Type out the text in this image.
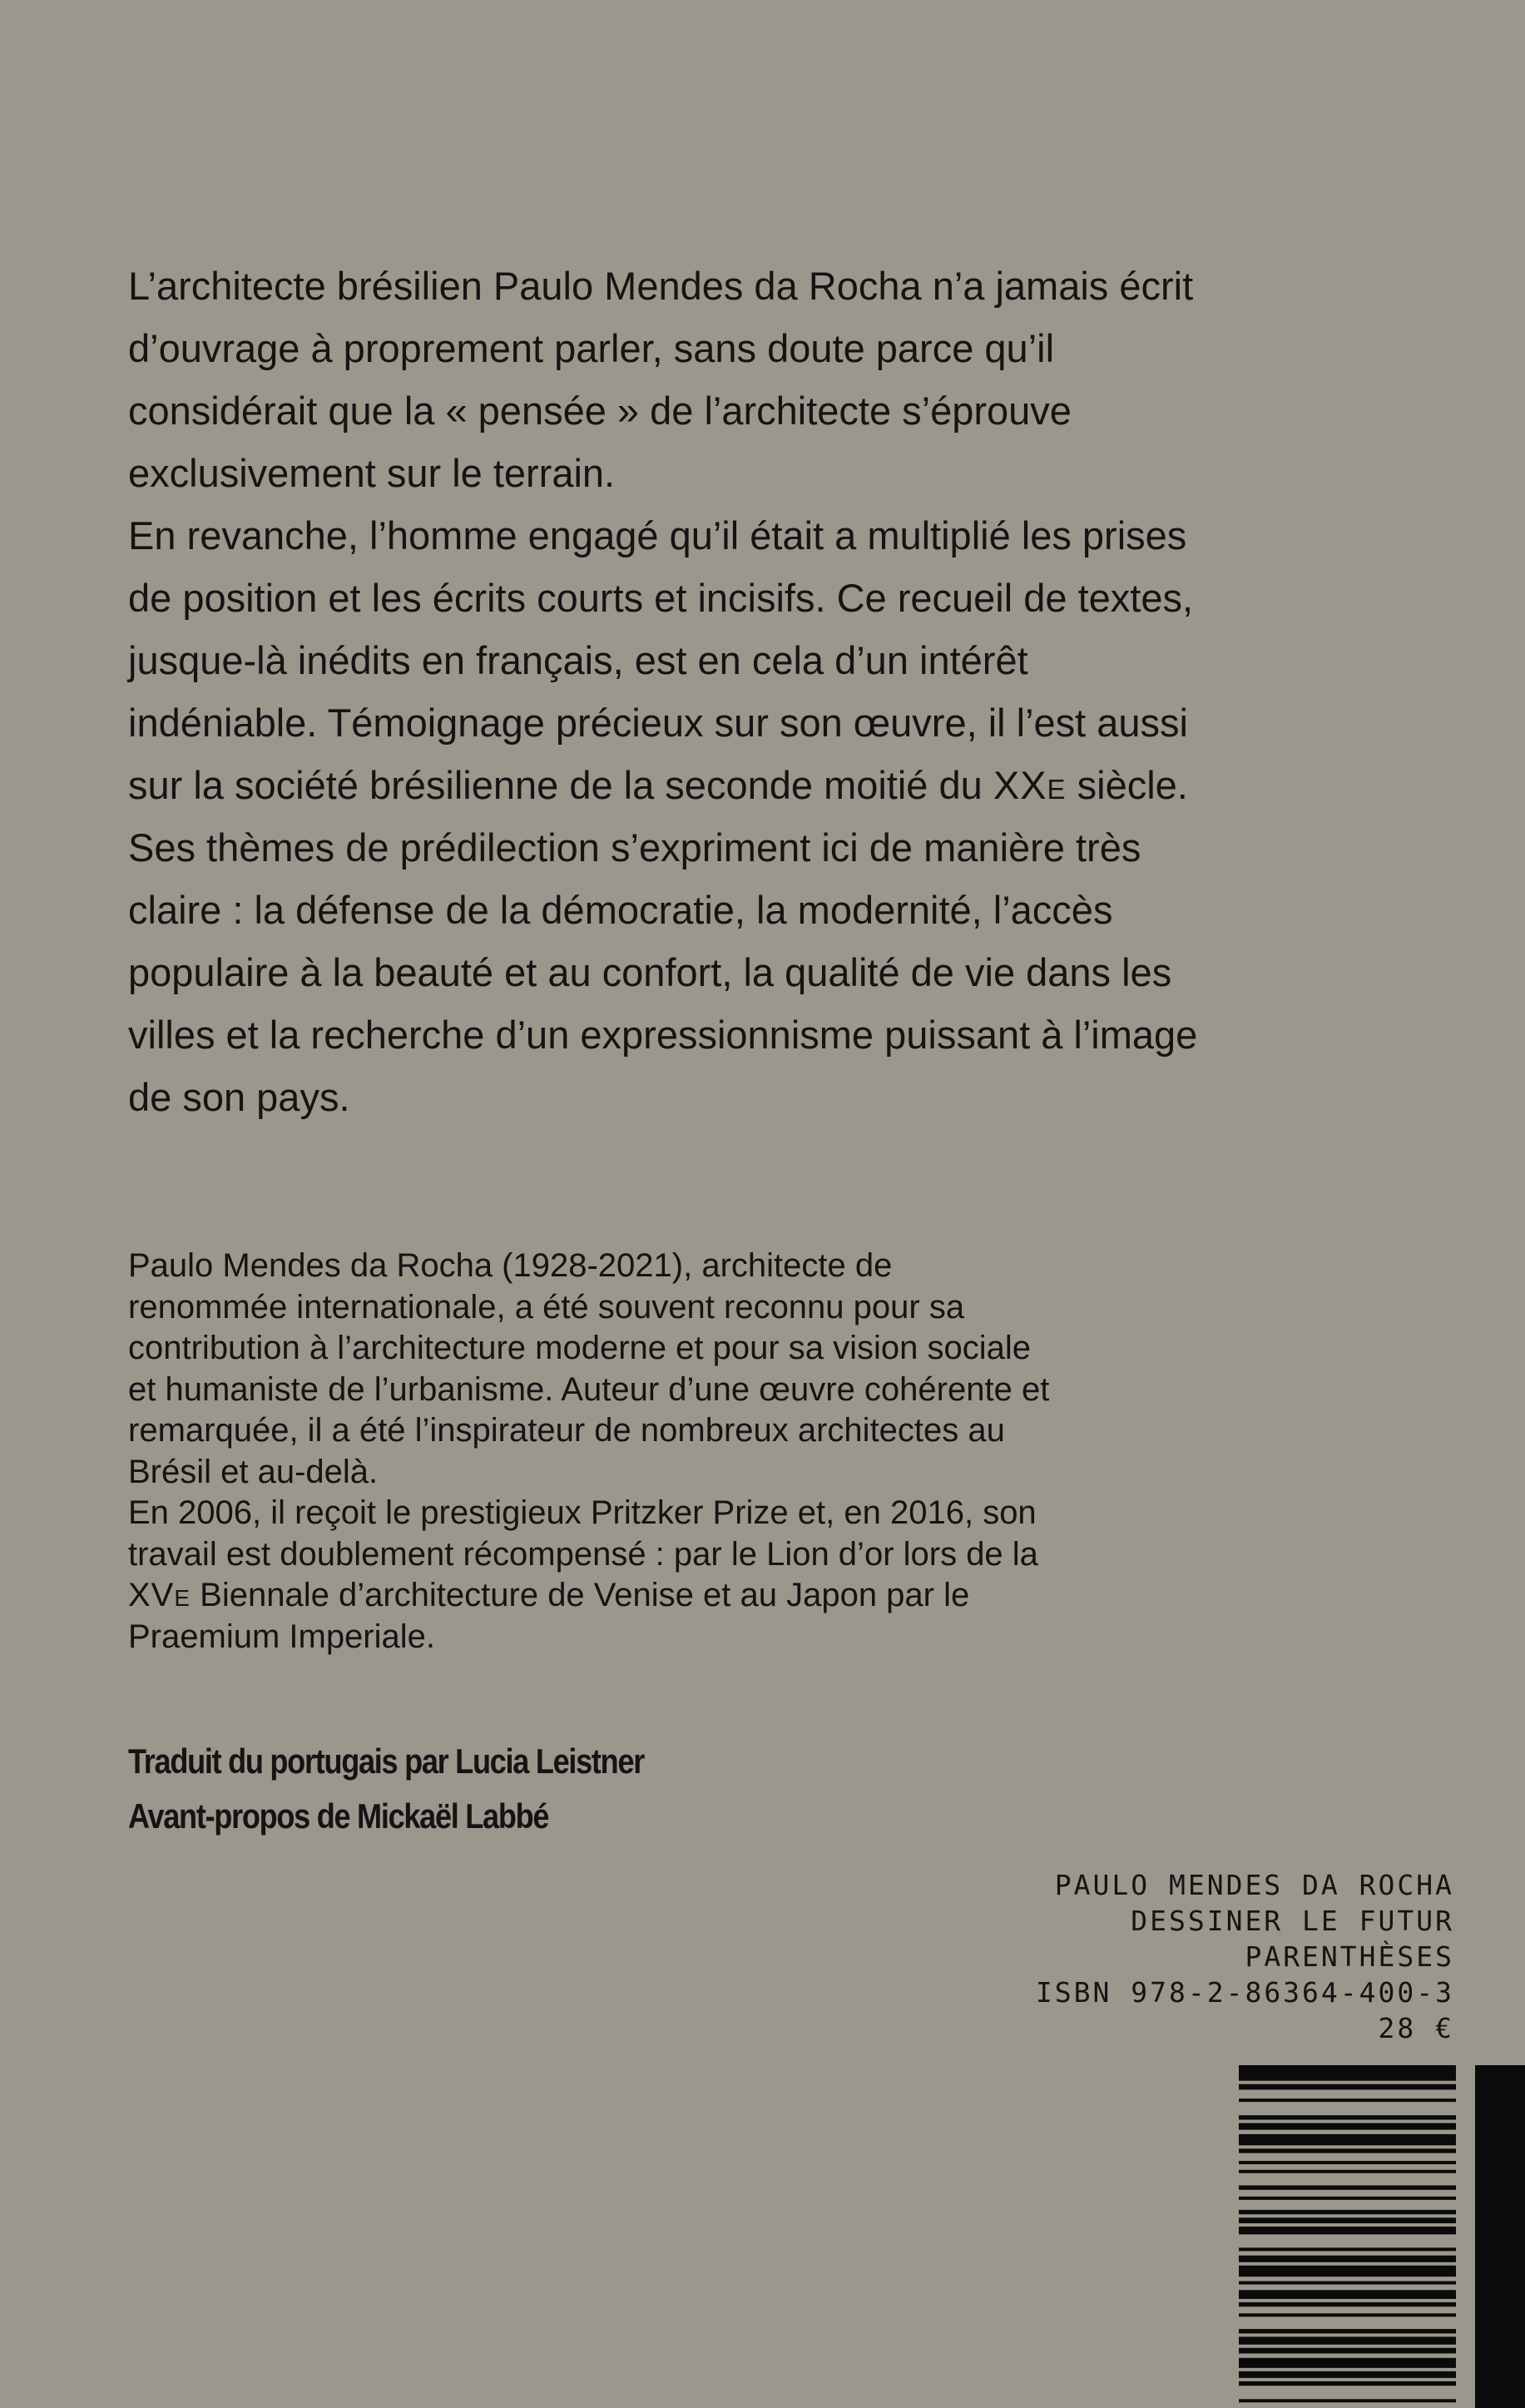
L’architecte brésilien Paulo Mendes da Rocha n’a jamais écrit d’ouvrage à proprement parler, sans doute parce qu’il considérait que la « pensée » de l’architecte s’éprouve exclusivement sur le terrain.

En revanche, l’homme engagé qu’il était a multiplié les prises de position et les écrits courts et incisifs. Ce recueil de textes, jusque-là inédits en français, est en cela d’un intérêt indéniable. Témoignage précieux sur son œuvre, il l’est aussi sur la société brésilienne de la seconde moitié du XXe siècle.

Ses thèmes de prédilection s’expriment ici de manière très claire : la défense de la démocratie, la modernité, l’accès populaire à la beauté et au confort, la qualité de vie dans les villes et la recherche d’un expressionnisme puissant à l’image de son pays.

Paulo Mendes da Rocha (1928-2021), architecte de renommée internationale, a été souvent reconnu pour sa contribution à l’architecture moderne et pour sa vision sociale et humaniste de l’urbanisme. Auteur d’une œuvre cohérente et remarquée, il a été l’inspirateur de nombreux architectes au Brésil et au-delà.

En 2006, il reçoit le prestigieux Pritzker Prize et, en 2016, son travail est doublement récompensé : par le Lion d’or lors de la XVe Biennale d’architecture de Venise et au Japon par le Praemium Imperiale.

Traduit du portugais par Lucia Leistner

Avant-propos de Mickaël Labbé

PAULO MENDES DA ROCHA

DESSINER LE FUTUR

PARENTHÈSES

ISBN 978-2-86364-400-3

28 €
